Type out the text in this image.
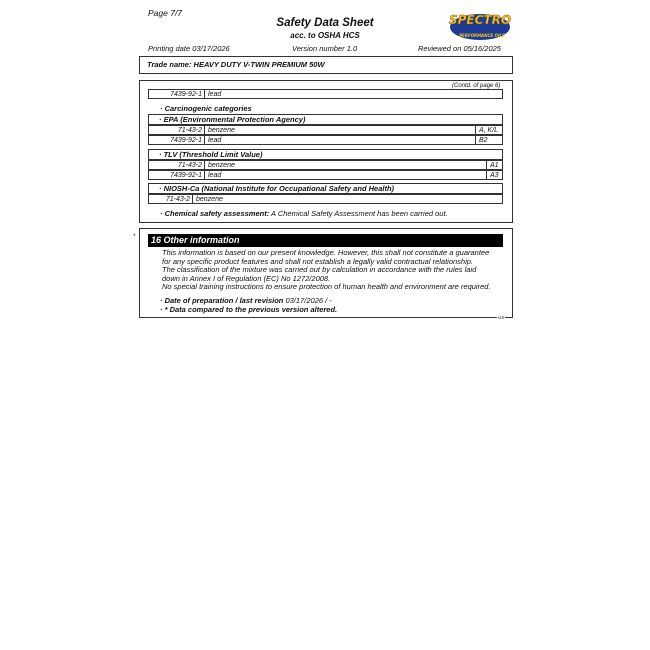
Page 7/7
Safety Data Sheet
acc. to OSHA HCS
SPECTRO
PERFORMANCE OILS
Printing date 03/17/2026	Version number 1.0	Reviewed on 05/16/2025
Trade name: HEAVY DUTY V-TWIN PREMIUM 50W
(Contd. of page 6)
7439-92-1 lead
· Carcinogenic categories
· EPA (Environmental Protection Agency)
71-43-2 benzene	A, K/L
7439-92-1 lead	B2
· TLV (Threshold Limit Value)
71-43-2 benzene	A1
7439-92-1 lead	A3
· NIOSH-Ca (National Institute for Occupational Safety and Health)
71-43-2 benzene
· Chemical safety assessment: A Chemical Safety Assessment has been carried out.
*	16 Other information
This information is based on our present knowledge. However, this shall not constitute a guarantee
for any specific product features and shall not establish a legally valid contractual relationship.
The classification of the mixture was carried out by calculation in accordance with the rules laid
down in Annex I of Regulation (EC) No 1272/2008.
No special training instructions to ensure protection of human health and environment are required.
· Date of preparation / last revision 03/17/2026 / -
· * Data compared to the previous version altered.
US
